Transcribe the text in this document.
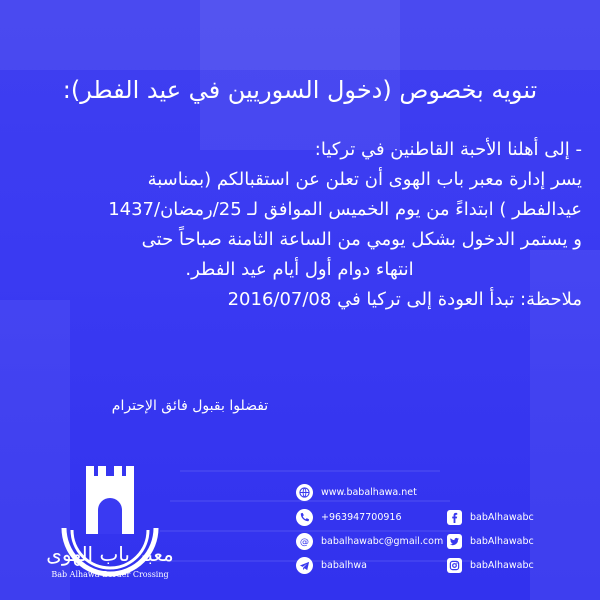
تنويه بخصوص (دخول السوريين في عيد الفطر):
- إلى أهلنا الأحبة القاطنين في تركيا:
يسر إدارة معبر باب الهوى أن تعلن عن استقبالكم (بمناسبة
عيدالفطر ) ابتداءً من يوم الخميس الموافق لـ 25/رمضان/1437
و يستمر الدخول بشكل يومي من الساعة الثامنة صباحاً حتى
انتهاء دوام أول أيام عيد الفطر.
ملاحظة: تبدأ العودة إلى تركيا في 2016/07/08
تفضلوا بقبول فائق الإحترام
معبر باب الهوى
Bab Alhawa Border Crossing
www.babalhawa.net
+963947700916
@ babalhawabc@gmail.com
babalhwa
babAlhawabc
babAlhawabc
babAlhawabc
